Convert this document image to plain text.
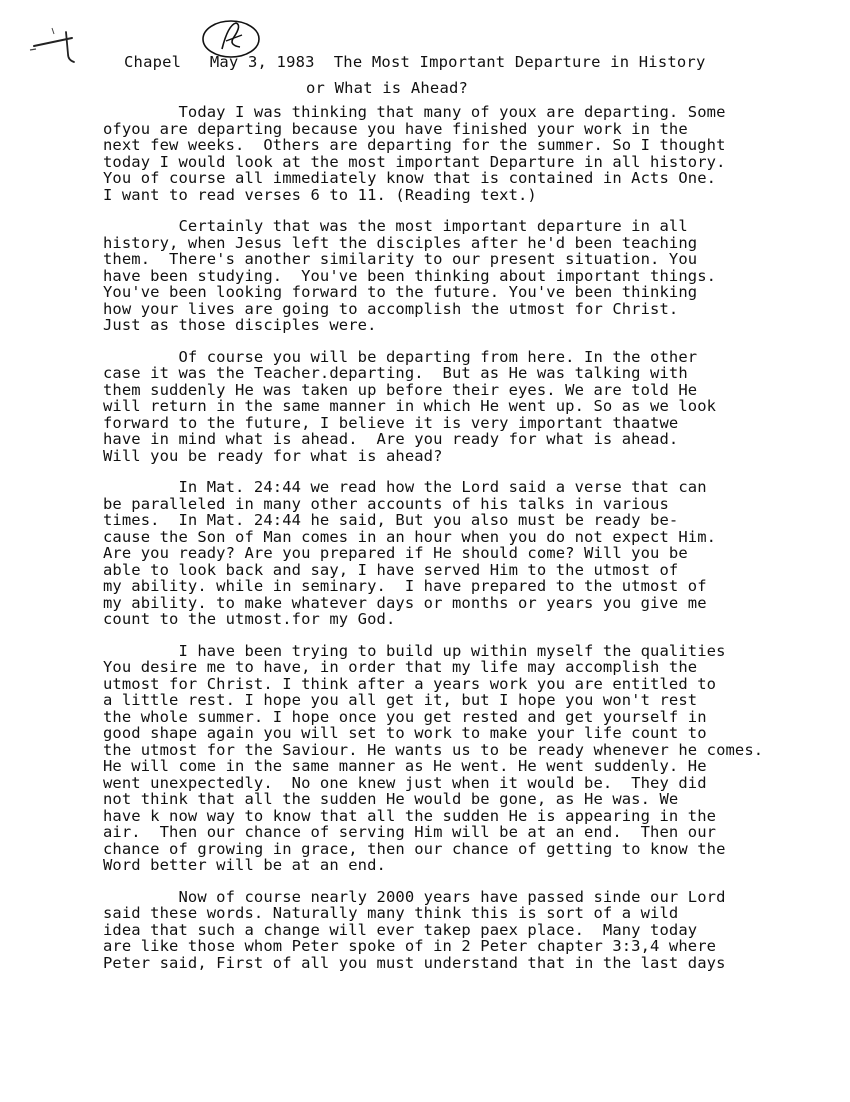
Chapel May 3, 1983 The Most Important Departure in History
or What is Ahead?
Today I was thinking that many of youx are departing. Some
ofyou are departing because you have finished your work in the
next few weeks.  Others are departing for the summer. So I thought
today I would look at the most important Departure in all history.
You of course all immediately know that is contained in Acts One.
I want to read verses 6 to 11. (Reading text.)
Certainly that was the most important departure in all
history, when Jesus left the disciples after he'd been teaching
them.  There's another similarity to our present situation. You
have been studying.  You've been thinking about important things.
You've been looking forward to the future. You've been thinking
how your lives are going to accomplish the utmost for Christ.
Just as those disciples were.
Of course you will be departing from here. In the other
case it was the Teacher.departing.  But as He was talking with
them suddenly He was taken up before their eyes. We are told He
will return in the same manner in which He went up. So as we look
forward to the future, I believe it is very important thaatwe
have in mind what is ahead.  Are you ready for what is ahead.
Will you be ready for what is ahead?
In Mat. 24:44 we read how the Lord said a verse that can
be paralleled in many other accounts of his talks in various
times.  In Mat. 24:44 he said, But you also must be ready be-
cause the Son of Man comes in an hour when you do not expect Him.
Are you ready? Are you prepared if He should come? Will you be
able to look back and say, I have served Him to the utmost of
my ability. while in seminary.  I have prepared to the utmost of
my ability. to make whatever days or months or years you give me
count to the utmost.for my God.
I have been trying to build up within myself the qualities
You desire me to have, in order that my life may accomplish the
utmost for Christ. I think after a years work you are entitled to
a little rest. I hope you all get it, but I hope you won't rest
the whole summer. I hope once you get rested and get yourself in
good shape again you will set to work to make your life count to
the utmost for the Saviour. He wants us to be ready whenever he comes.
He will come in the same manner as He went. He went suddenly. He
went unexpectedly.  No one knew just when it would be.  They did
not think that all the sudden He would be gone, as He was. We
have k now way to know that all the sudden He is appearing in the
air.  Then our chance of serving Him will be at an end.  Then our
chance of growing in grace, then our chance of getting to know the
Word better will be at an end.
Now of course nearly 2000 years have passed sinde our Lord
said these words. Naturally many think this is sort of a wild
idea that such a change will ever takep paex place.  Many today
are like those whom Peter spoke of in 2 Peter chapter 3:3,4 where
Peter said, First of all you must understand that in the last days
